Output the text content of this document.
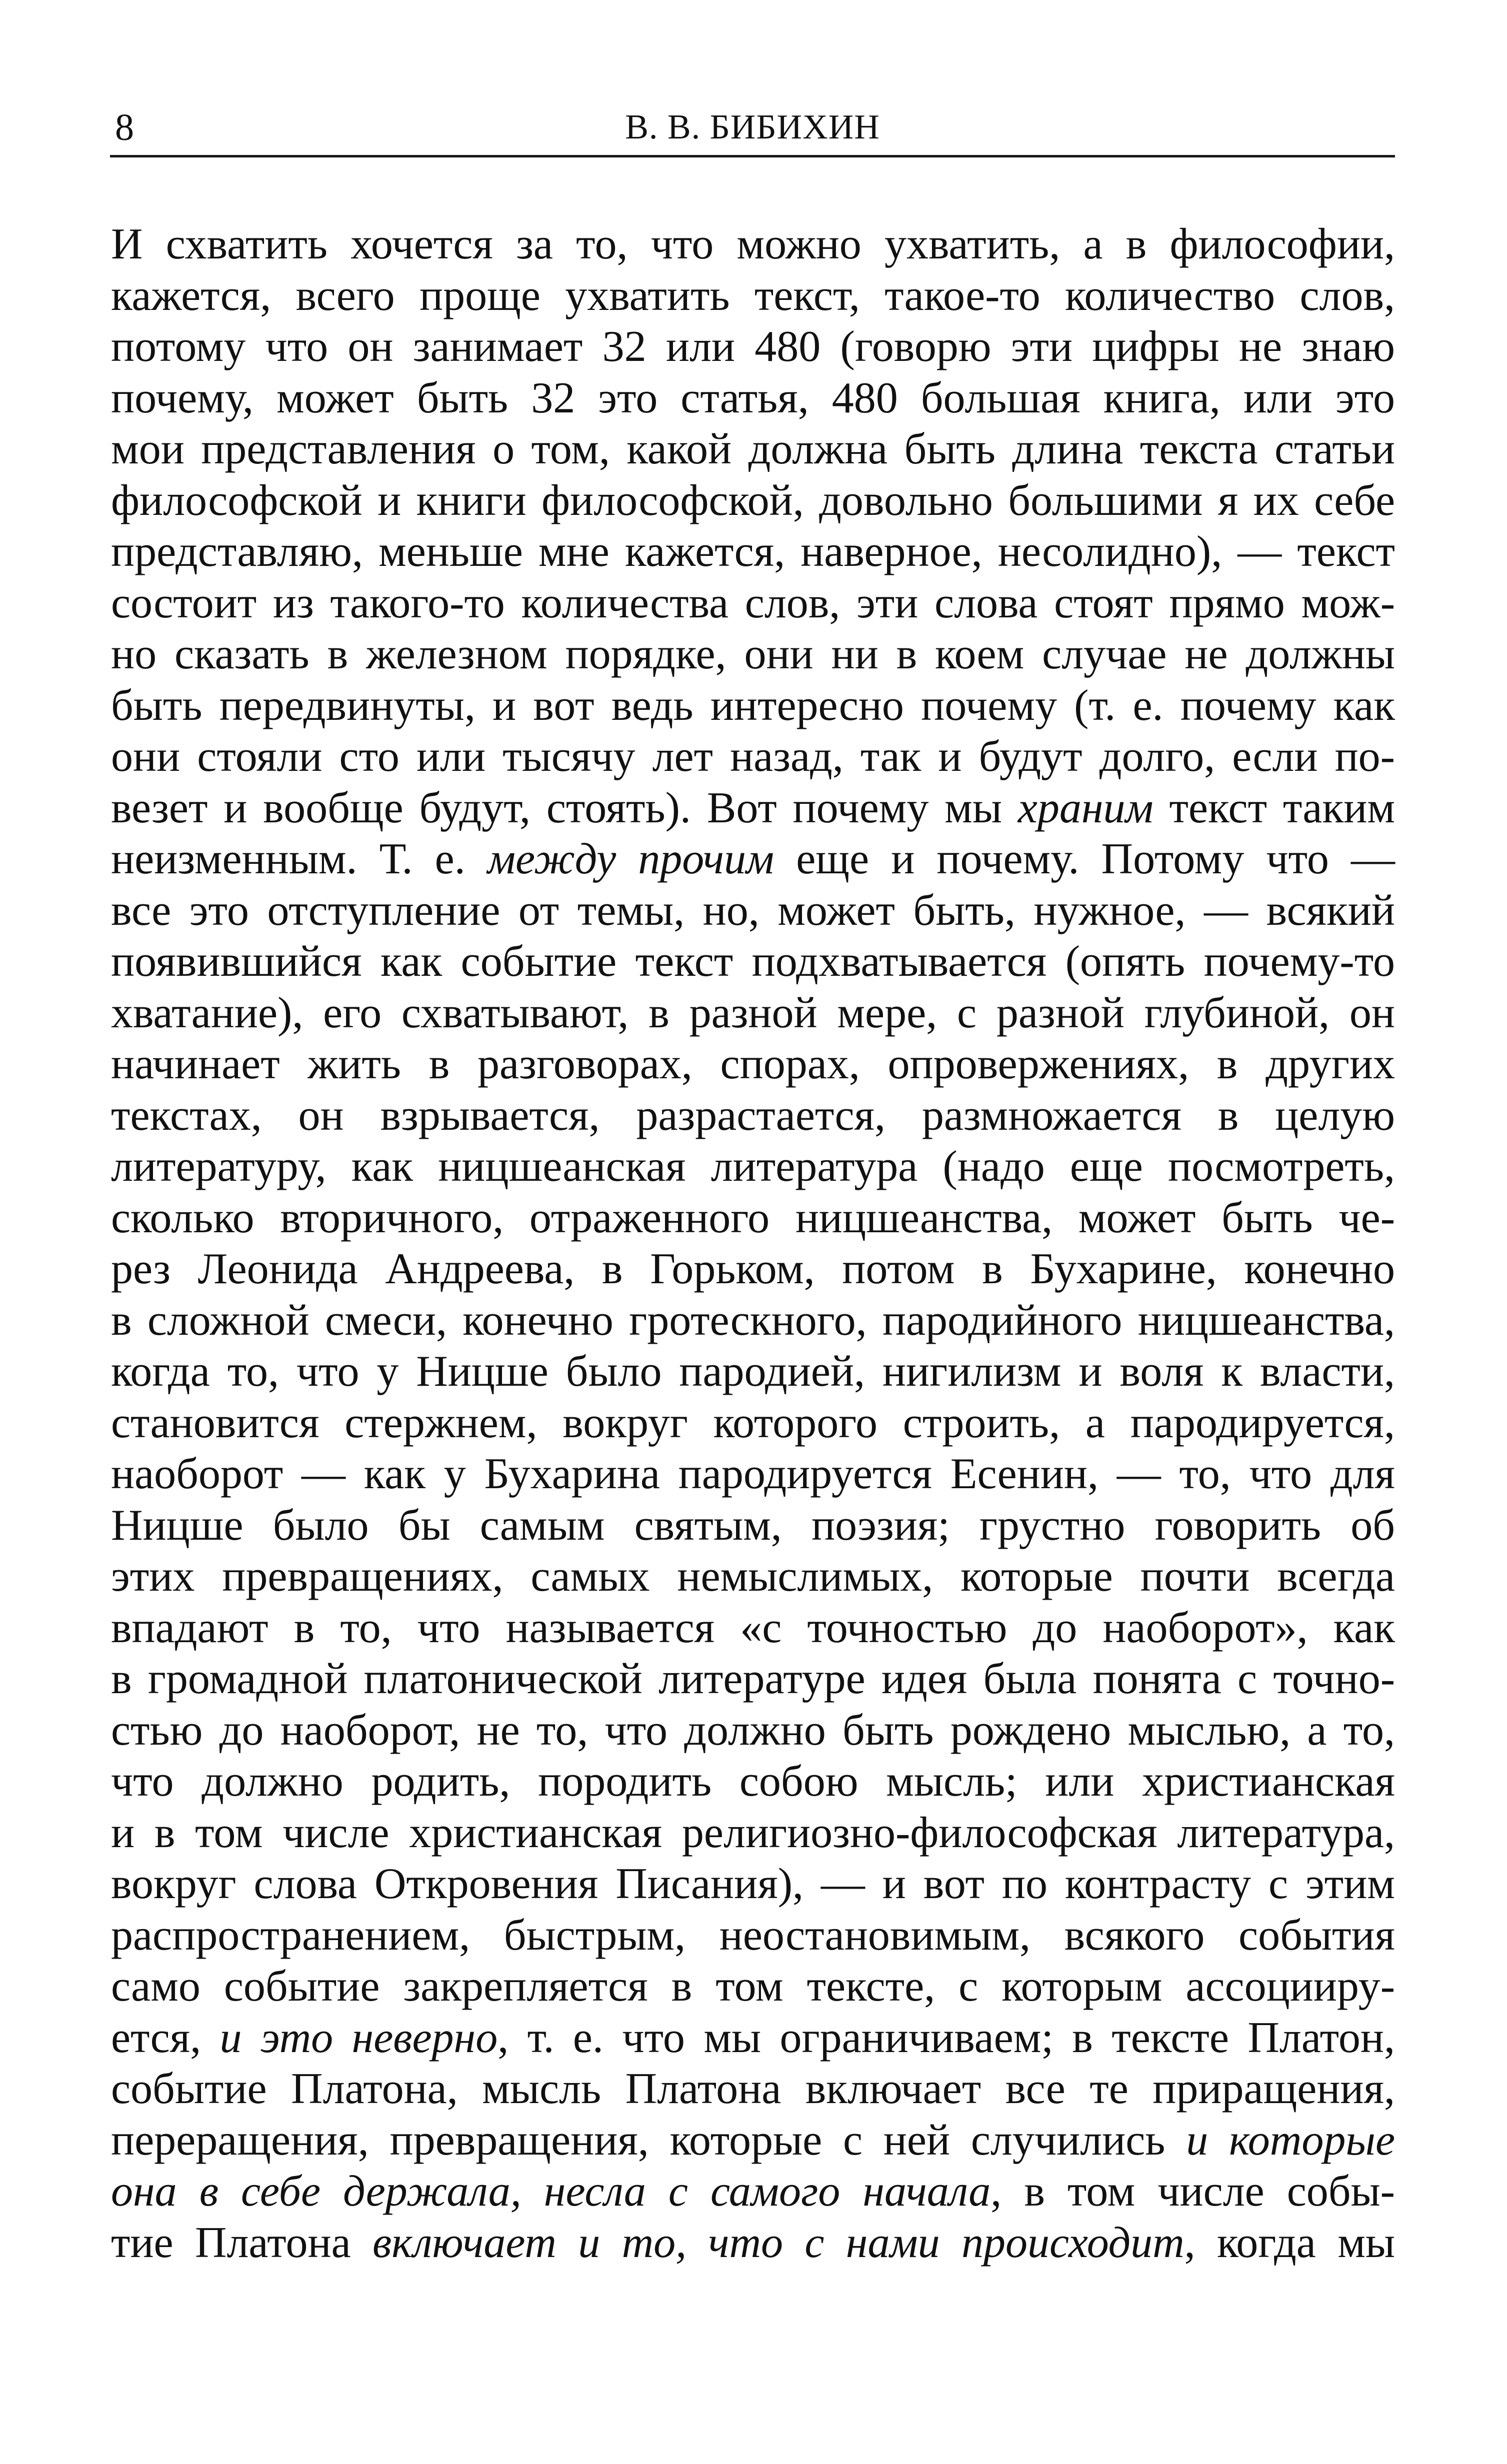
8	В. В. БИБИХИН
И схватить хочется за то, что можно ухватить, а в философии,
кажется, всего проще ухватить текст, такое-то количество слов,
потому что он занимает 32 или 480 (говорю эти цифры не знаю
почему, может быть 32 это статья, 480 большая книга, или это
мои представления о том, какой должна быть длина текста статьи
философской и книги философской, довольно большими я их себе
представляю, меньше мне кажется, наверное, несолидно), — текст
состоит из такого-то количества слов, эти слова стоят прямо мож-
но сказать в железном порядке, они ни в коем случае не должны
быть передвинуты, и вот ведь интересно почему (т. е. почему как
они стояли сто или тысячу лет назад, так и будут долго, если по-
везет и вообще будут, стоять). Вот почему мы храним текст таким
неизменным. Т. е. между прочим еще и почему. Потому что —
все это отступление от темы, но, может быть, нужное, — всякий
появившийся как событие текст подхватывается (опять почему-то
хватание), его схватывают, в разной мере, с разной глубиной, он
начинает жить в разговорах, спорах, опровержениях, в других
текстах, он взрывается, разрастается, размножается в целую
литературу, как ницшеанская литература (надо еще посмотреть,
сколько вторичного, отраженного ницшеанства, может быть че-
рез Леонида Андреева, в Горьком, потом в Бухарине, конечно
в сложной смеси, конечно гротескного, пародийного ницшеанства,
когда то, что у Ницше было пародией, нигилизм и воля к власти,
становится стержнем, вокруг которого строить, а пародируется,
наоборот — как у Бухарина пародируется Есенин, — то, что для
Ницше было бы самым святым, поэзия; грустно говорить об
этих превращениях, самых немыслимых, которые почти всегда
впадают в то, что называется «с точностью до наоборот», как
в громадной платонической литературе идея была понята с точно-
стью до наоборот, не то, что должно быть рождено мыслью, а то,
что должно родить, породить собою мысль; или христианская
и в том числе христианская религиозно-философская литература,
вокруг слова Откровения Писания), — и вот по контрасту с этим
распространением, быстрым, неостановимым, всякого события
само событие закрепляется в том тексте, с которым ассоцииру-
ется, и это неверно, т. е. что мы ограничиваем; в тексте Платон,
событие Платона, мысль Платона включает все те приращения,
переращения, превращения, которые с ней случились и которые
она в себе держала, несла с самого начала, в том числе собы-
тие Платона включает и то, что с нами происходит, когда мы
